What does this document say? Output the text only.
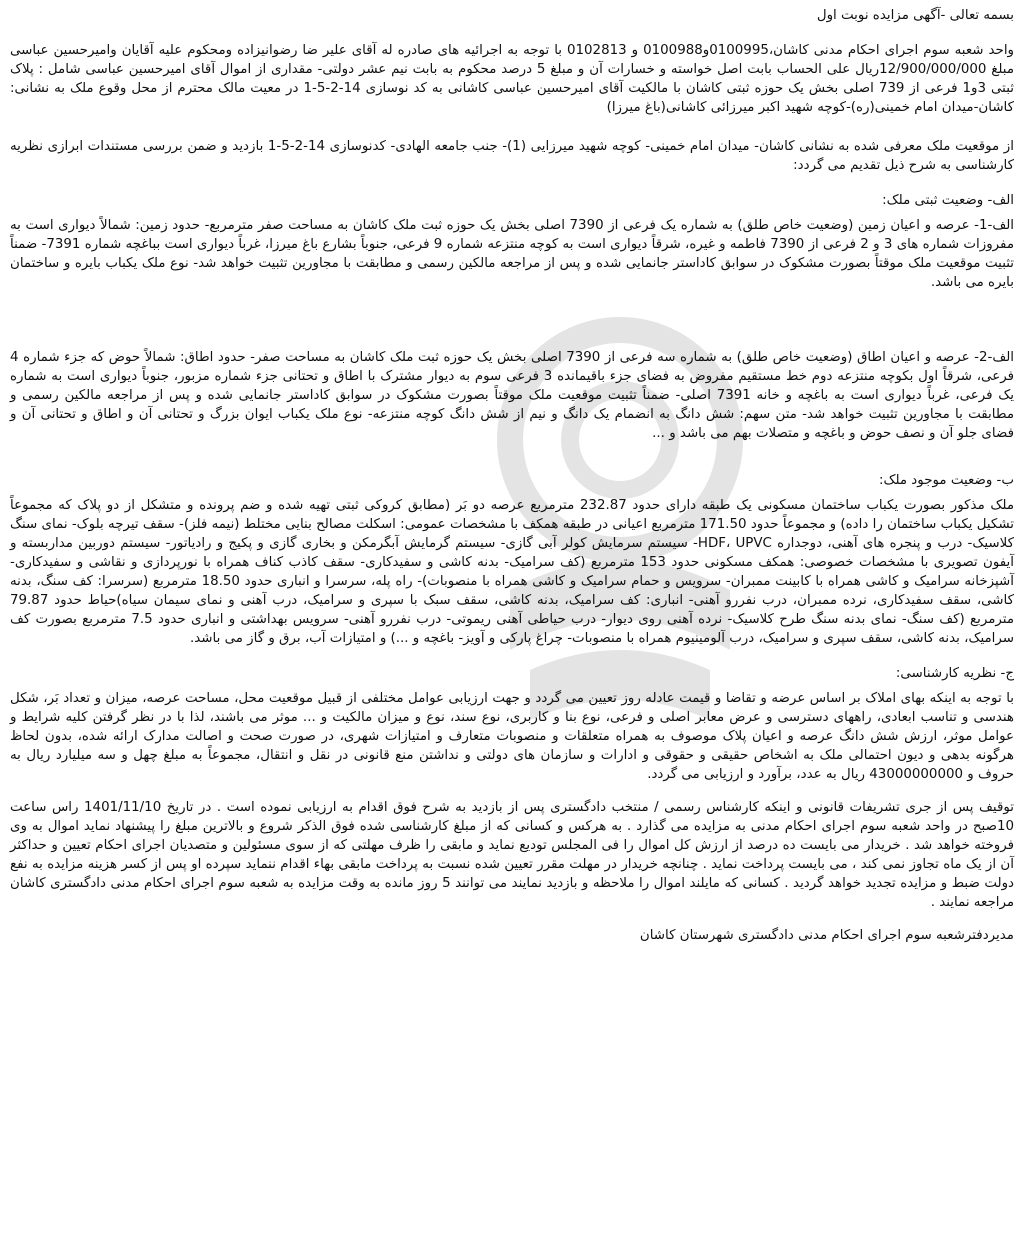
بسمه تعالی -آگهی مزایده نوبت اول

واحد شعبه سوم اجرای احکام مدنی کاشان،0100995و0100988 و 0102813 با توجه به اجرائیه های صادره له آقای علیر ضا رضوانیزاده ومحکوم علیه آقایان وامیرحسین عباسی مبلغ 12/900/000/000ریال علی الحساب بابت اصل خواسته و خسارات آن و مبلغ 5 درصد محکوم به بابت نیم عشر دولتی- مقداری از اموال آقای امیرحسین عباسی شامل : پلاک ثبتی 3و1 فرعی از 739 اصلی بخش یک حوزه ثبتی کاشان با مالکیت آقای امیرحسین عباسی کاشانی به کد نوسازی 14-2-5-1 در معیت مالک محترم از محل وقوع ملک به نشانی: کاشان-میدان امام خمینی(ره)-کوچه شهید اکبر میرزائی کاشانی(باغ میرزا)

از موقعیت ملک معرفی شده به نشانی کاشان- میدان امام خمینی- کوچه شهید میرزایی (1)- جنب جامعه الهادی- کدنوسازی 14-2-5-1 بازدید و ضمن بررسی مستندات ابرازی نظریه کارشناسی به شرح ذیل تقدیم می گردد:

الف- وضعیت ثبتی ملک:

الف-1- عرصه و اعیان زمین (وضعیت خاص طلق) به شماره یک فرعی از 7390 اصلی بخش یک حوزه ثبت ملک کاشان به مساحت صفر مترمربع- حدود زمین: شمالاً دیواری است به مفروزات شماره های 3 و 2 فرعی از 7390 فاطمه و غیره، شرقاً دیواری است به کوچه منتزعه شماره 9 فرعی، جنوباً بشارع باغ میرزا، غرباً دیواری است بباغچه شماره 7391- ضمناً تثبیت موقعیت ملک موقتاً بصورت مشکوک در سوابق کاداستر جانمایی شده و پس از مراجعه مالکین رسمی و مطابقت با مجاورین تثبیت خواهد شد- نوع ملک یکباب بایره و ساختمان بایره می باشد.

الف-2- عرصه و اعیان اطاق (وضعیت خاص طلق) به شماره سه فرعی از 7390 اصلی بخش یک حوزه ثبت ملک کاشان به مساحت صفر- حدود اطاق: شمالاً حوض که جزء شماره 4 فرعی، شرقاً اول بکوچه منتزعه دوم خط مستقیم مفروض به فضای جزء باقیمانده 3 فرعی سوم به دیوار مشترک با اطاق و تحتانی جزء شماره مزبور، جنوباً دیواری است به شماره یک فرعی، غرباً دیواری است به باغچه و خانه 7391 اصلی- ضمناً تثبیت موقعیت ملک موقتاً بصورت مشکوک در سوابق کاداستر جانمایی شده و پس از مراجعه مالکین رسمی و مطابقت با مجاورین تثبیت خواهد شد- متن سهم: شش دانگ به انضمام یک دانگ و نیم از شش دانگ کوچه منتزعه- نوع ملک یکباب ایوان بزرگ و تحتانی آن و اطاق و تحتانی آن و فضای جلو آن و نصف حوض و باغچه و متصلات بهم می باشد و ...

ب- وضعیت موجود ملک:

ملک مذکور بصورت یکباب ساختمان مسکونی یک طبقه دارای حدود 232.87 مترمربع عرصه دو بَر (مطابق کروکی ثبتی تهیه شده و ضم پرونده و متشکل از دو پلاک که مجموعاً تشکیل یکباب ساختمان را داده) و مجموعاً حدود 171.50 مترمربع اعیانی در طبقه همکف با مشخصات عمومی: اسکلت مصالح بنایی مختلط (نیمه فلز)- سقف تیرچه بلوک- نمای سنگ کلاسیک- درب و پنجره های آهنی، دوجداره HDF، UPVC- سیستم سرمایش کولر آبی گازی- سیستم گرمایش آبگرمکن و بخاری گازی و پکیج و رادیاتور- سیستم دوربین مداربسته و آیفون تصویری با مشخصات خصوصی: همکف مسکونی حدود 153 مترمربع (کف سرامیک- بدنه کاشی و سفیدکاری- سقف کاذب کناف همراه با نورپردازی و نقاشی و سفیدکاری- آشپزخانه سرامیک و کاشی همراه با کابینت ممبران- سرویس و حمام سرامیک و کاشی همراه با منصوبات)- راه پله، سرسرا و انباری حدود 18.50 مترمربع (سرسرا: کف سنگ، بدنه کاشی، سقف سفیدکاری، نرده ممبران، درب نفررو آهنی- انباری: کف سرامیک، بدنه کاشی، سقف سبک با سپری و سرامیک، درب آهنی و نمای سیمان سیاه)حیاط حدود 79.87 مترمربع (کف سنگ- نمای بدنه سنگ طرح کلاسیک- نرده آهنی روی دیوار- درب حیاطی آهنی ریموتی- درب نفررو آهنی- سرویس بهداشتی و انباری حدود 7.5 مترمربع بصورت کف سرامیک، بدنه کاشی، سقف سپری و سرامیک، درب آلومینیوم همراه با منصوبات- چراغ پارکی و آویز- باغچه و ...) و امتیازات آب، برق و گاز می باشد.

ج- نظریه کارشناسی:

با توجه به اینکه بهای املاک بر اساس عرضه و تقاضا و قیمت عادله روز تعیین می گردد و جهت ارزیابی عوامل مختلفی از قبیل موقعیت محل، مساحت عرصه، میزان و تعداد بَر، شکل هندسی و تناسب ابعادی، راههای دسترسی و عرض معابر اصلی و فرعی، نوع بنا و کاربری، نوع سند، نوع و میزان مالکیت و ... موثر می باشند، لذا با در نظر گرفتن کلیه شرایط و عوامل موثر، ارزش شش دانگ عرصه و اعیان پلاک موصوف به همراه متعلقات و منصوبات متعارف و امتیازات شهری، در صورت صحت و اصالت مدارک ارائه شده، بدون لحاظ هرگونه بدهی و دیون احتمالی ملک به اشخاص حقیقی و حقوقی و ادارات و سازمان های دولتی و نداشتن منع قانونی در نقل و انتقال، مجموعاً به مبلغ چهل و سه میلیارد ریال به حروف و 43000000000 ریال به عدد، برآورد و ارزیابی می گردد.

توقیف پس از جری تشریفات قانونی و اینکه کارشناس رسمی / منتخب دادگستری پس از بازدید به شرح فوق اقدام به ارزیابی نموده است . در تاریخ 1401/11/10 راس ساعت 10صبح در واحد شعبه سوم اجرای احکام مدنی به مزایده می گذارد . به هرکس و کسانی که از مبلغ کارشناسی شده فوق الذکر شروع و بالاترین مبلغ را پیشنهاد نماید اموال به وی فروخته خواهد شد . خریدار می بایست ده درصد از ارزش کل اموال را فی المجلس تودیع نماید و مابقی را ظرف مهلتی که از سوی مسئولین و متصدیان اجرای احکام تعیین و حداکثر آن از یک ماه تجاوز نمی کند ، می بایست پرداخت نماید . چنانچه خریدار در مهلت مقرر تعیین شده نسبت به پرداخت مابقی بهاء اقدام ننماید سپرده او پس از کسر هزینه مزایده به نفع دولت ضبط و مزایده تجدید خواهد گردید . کسانی که مایلند اموال را ملاحظه و بازدید نمایند می توانند 5 روز مانده به وقت مزایده به شعبه سوم اجرای احکام مدنی دادگستری کاشان مراجعه نمایند .

مدیردفترشعبه سوم اجرای احکام مدنی دادگستری شهرستان کاشان
